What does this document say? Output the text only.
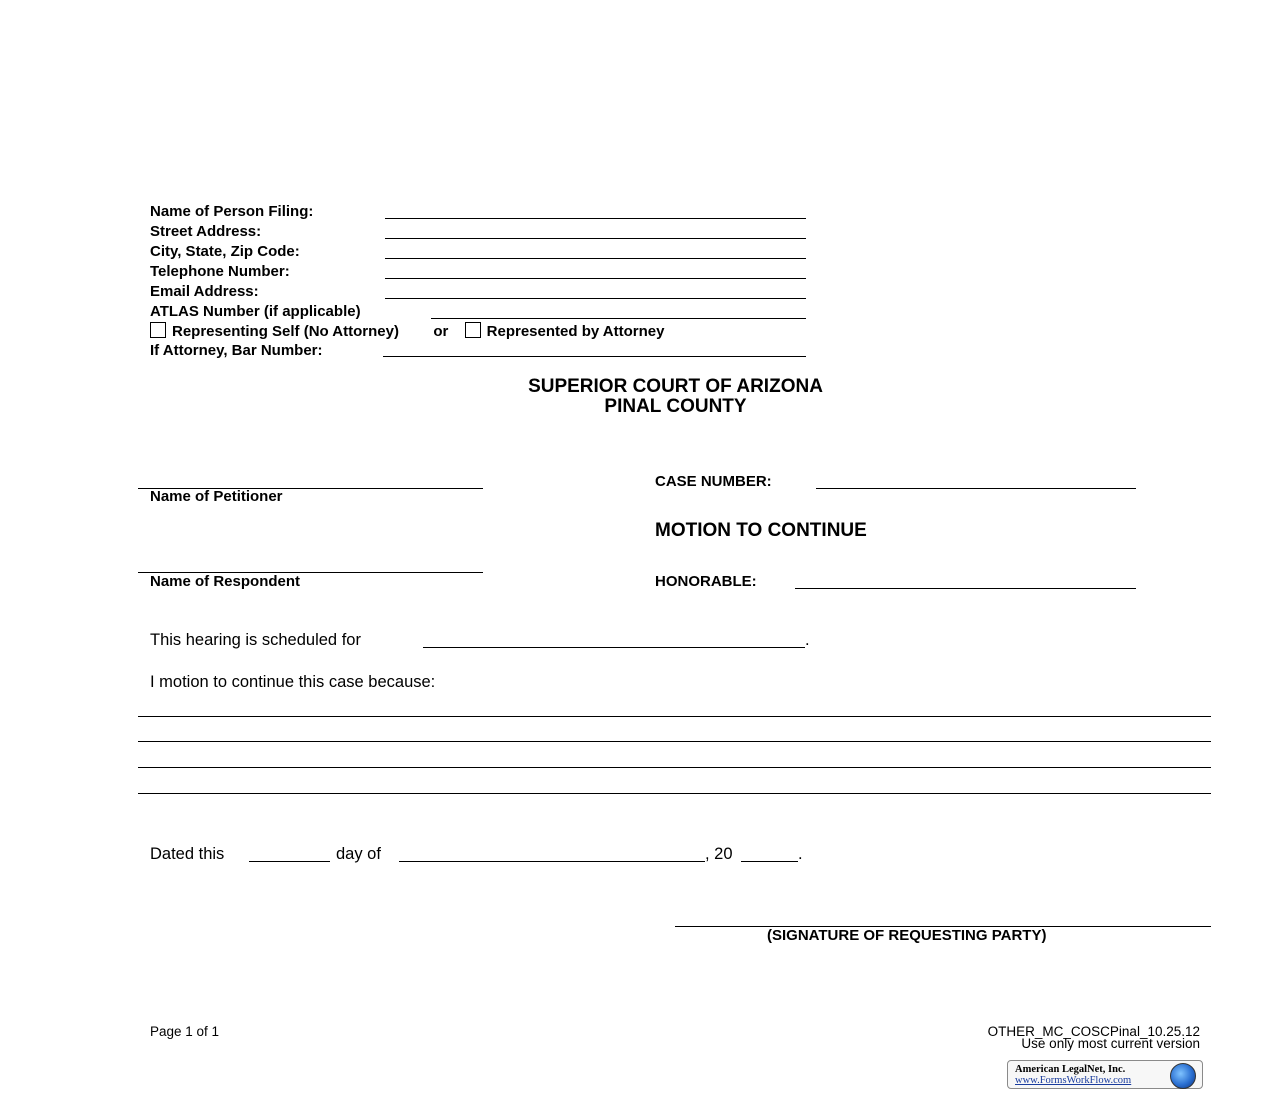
Name of Person Filing:
Street Address:
City, State, Zip Code:
Telephone Number:
Email Address:
ATLAS Number (if applicable)
Representing Self (No Attorney) or	Represented by Attorney
If Attorney, Bar Number:
SUPERIOR COURT OF ARIZONA
PINAL COUNTY
Name of Petitioner
Name of Respondent
CASE NUMBER:
MOTION TO CONTINUE
HONORABLE:
This hearing is scheduled for	.
I motion to continue this case because:
Dated this	day of	, 20	.
(SIGNATURE OF REQUESTING PARTY)
Page 1 of 1	OTHER_MC_COSCPinal_10.25.12
Use only most current version
American LegalNet, Inc.
www.FormsWorkFlow.com
